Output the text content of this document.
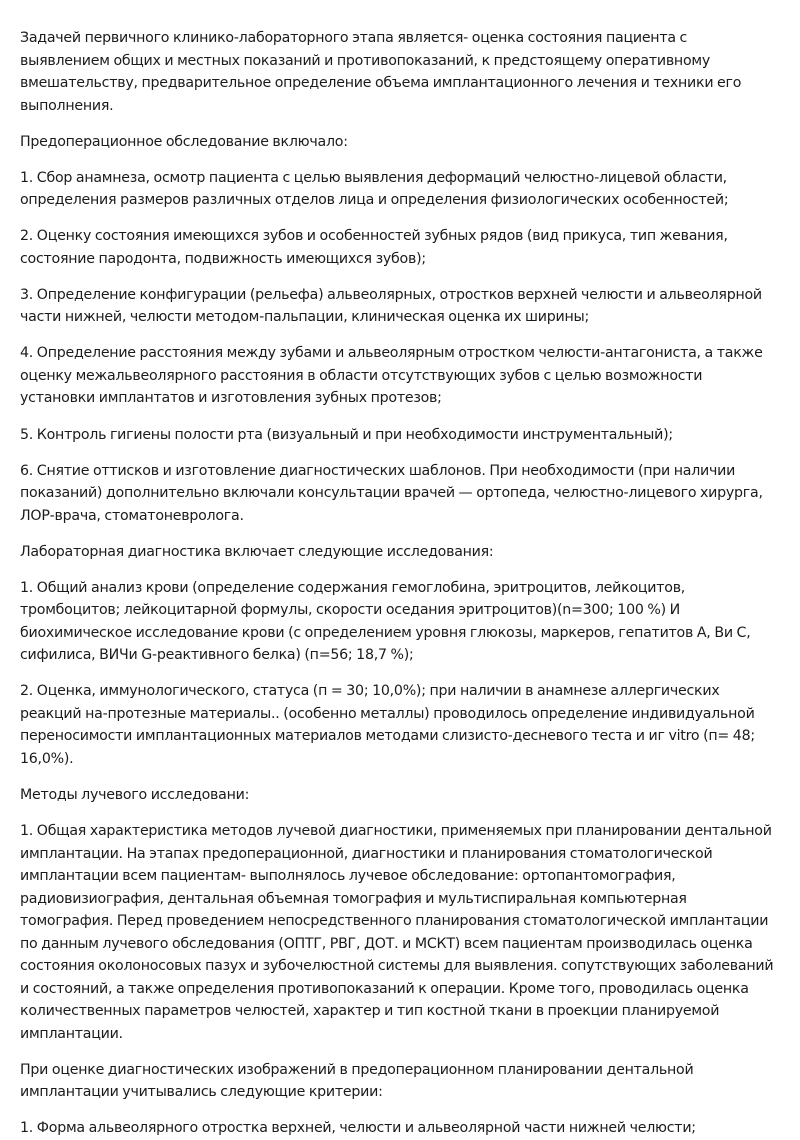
Задачей первичного клинико-лабораторного этапа является- оценка состояния пациента с выявлением общих и местных показаний и противопоказаний, к предстоящему оперативному вмешательству, предварительное определение объема имплантационного лечения и техники его выполнения.

Предоперационное обследование включало:

1. Сбор анамнеза, осмотр пациента с целью выявления деформаций челюстно-лицевой области, определения размеров различных отделов лица и определения физиологических особенностей;

2. Оценку состояния имеющихся зубов и особенностей зубных рядов (вид прикуса, тип жевания, состояние пародонта, подвижность имеющихся зубов);

3. Определение конфигурации (рельефа) альвеолярных, отростков верхней челюсти и альвеолярной части нижней, челюсти методом-пальпации, клиническая оценка их ширины;

4. Определение расстояния между зубами и альвеолярным отростком челюсти-антагониста, а также оценку межальвеолярного расстояния в области отсутствующих зубов с целью возможности установки имплантатов и изготовления зубных протезов;

5. Контроль гигиены полости рта (визуальный и при необходимости инструментальный);

6. Снятие оттисков и изготовление диагностических шаблонов. При необходимости (при наличии показаний) дополнительно включали консультации врачей — ортопеда, челюстно-лицевого хирурга, ЛОР-врача, стоматоневролога.

Лабораторная диагностика включает следующие исследования:

1. Общий анализ крови (определение содержания гемоглобина, эритроцитов, лейкоцитов, тромбоцитов; лейкоцитарной формулы, скорости оседания эритроцитов)(n=300; 100 %) И биохимическое исследование крови (с определением уровня глюкозы, маркеров, гепатитов А, Ви С, сифилиса, ВИЧи G-реактивного белка) (п=56; 18,7 %);

2. Оценка, иммунологического, статуса (п = 30; 10,0%); при наличии в анамнезе аллергических реакций на-протезные материалы.. (особенно металлы) проводилось определение индивидуальной переносимости имплантационных материалов методами слизисто-десневого теста и иг vitro (п= 48; 16,0%).

Методы лучевого исследовани:

1. Общая характеристика методов лучевой диагностики, применяемых при планировании дентальной имплантации. На этапах предоперационной, диагностики и планирования стоматологической имплантации всем пациентам- выполнялось лучевое обследование: ортопантомография, радиовизиография, дентальная объемная томография и мультиспиральная компьютерная томография. Перед проведением непосредственного планирования стоматологической имплантации по данным лучевого обследования (ОПТГ, РВГ, ДОТ. и МСКТ) всем пациентам производилась оценка состояния околоносовых пазух и зубочелюстной системы для выявления. сопутствующих заболеваний и состояний, а также определения противопоказаний к операции. Кроме того, проводилась оценка количественных параметров челюстей, характер и тип костной ткани в проекции планируемой имплантации.

При оценке диагностических изображений в предоперационном планировании дентальной имплантации учитывались следующие критерии:

1. Форма альвеолярного отростка верхней, челюсти и альвеолярной части нижней челюсти;
